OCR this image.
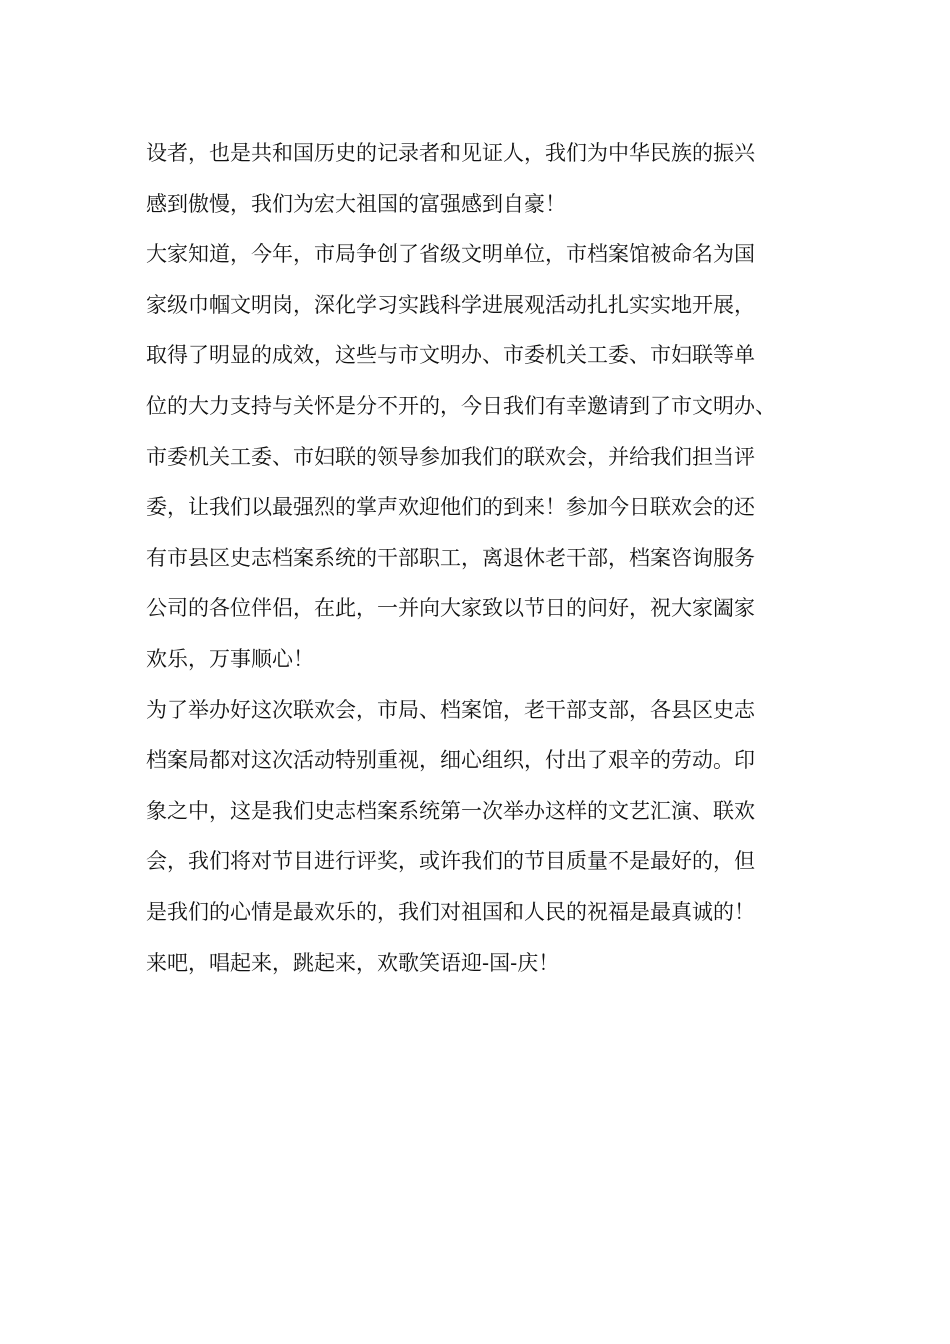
设者，也是共和国历史的记录者和见证人，我们为中华民族的振兴
感到傲慢，我们为宏大祖国的富强感到自豪！
大家知道，今年，市局争创了省级文明单位，市档案馆被命名为国
家级巾帼文明岗，深化学习实践科学进展观活动扎扎实实地开展，
取得了明显的成效，这些与市文明办、市委机关工委、市妇联等单
位的大力支持与关怀是分不开的，今日我们有幸邀请到了市文明办、
市委机关工委、市妇联的领导参加我们的联欢会，并给我们担当评
委，让我们以最强烈的掌声欢迎他们的到来！参加今日联欢会的还
有市县区史志档案系统的干部职工，离退休老干部，档案咨询服务
公司的各位伴侣，在此，一并向大家致以节日的问好，祝大家阖家
欢乐，万事顺心！
为了举办好这次联欢会，市局、档案馆，老干部支部，各县区史志
档案局都对这次活动特别重视，细心组织，付出了艰辛的劳动。印
象之中，这是我们史志档案系统第一次举办这样的文艺汇演、联欢
会，我们将对节目进行评奖，或许我们的节目质量不是最好的，但
是我们的心情是最欢乐的，我们对祖国和人民的祝福是最真诚的！
来吧，唱起来，跳起来，欢歌笑语迎-国-庆！
